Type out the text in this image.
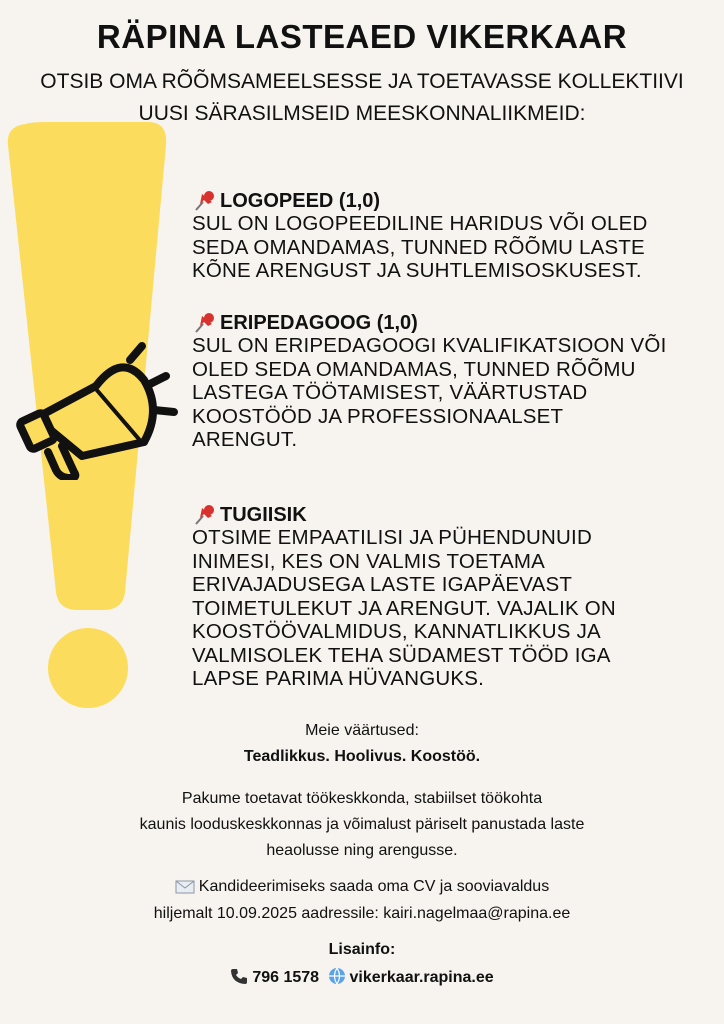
RÄPINA LASTEAED VIKERKAAR
OTSIB OMA RÕÕMSAMEELSESSE JA TOETAVASSE KOLLEKTIIVI
UUSI SÄRASILMSEID MEESKONNALIIKMEID:
LOGOPEED (1,0)
SUL ON LOGOPEEDILINE HARIDUS VÕI OLED
SEDA OMANDAMAS, TUNNED RÕÕMU LASTE
KÕNE ARENGUST JA SUHTLEMISOSKUSEST.
ERIPEDAGOOG (1,0)
SUL ON ERIPEDAGOOGI KVALIFIKATSIOON VÕI
OLED SEDA OMANDAMAS, TUNNED RÕÕMU
LASTEGA TÖÖTAMISEST, VÄÄRTUSTAD
KOOSTÖÖD JA PROFESSIONAALSET
ARENGUT.
TUGIISIK
OTSIME EMPAATILISI JA PÜHENDUNUID
INIMESI, KES ON VALMIS TOETAMA
ERIVAJADUSEGA LASTE IGAPÄEVAST
TOIMETULEKUT JA ARENGUT. VAJALIK ON
KOOSTÖÖVALMIDUS, KANNATLIKKUS JA
VALMISOLEK TEHA SÜDAMEST TÖÖD IGA
LAPSE PARIMA HÜVANGUKS.
Meie väärtused:
Teadlikkus. Hoolivus. Koostöö.
Pakume toetavat töökeskkonda, stabiilset töökohta
kaunis looduskeskkonnas ja võimalust päriselt panustada laste
heaolusse ning arengusse.
Kandideerimiseks saada oma CV ja sooviavaldus
hiljemalt 10.09.2025 aadressile: kairi.nagelmaa@rapina.ee
Lisainfo:
796 1578 vikerkaar.rapina.ee
